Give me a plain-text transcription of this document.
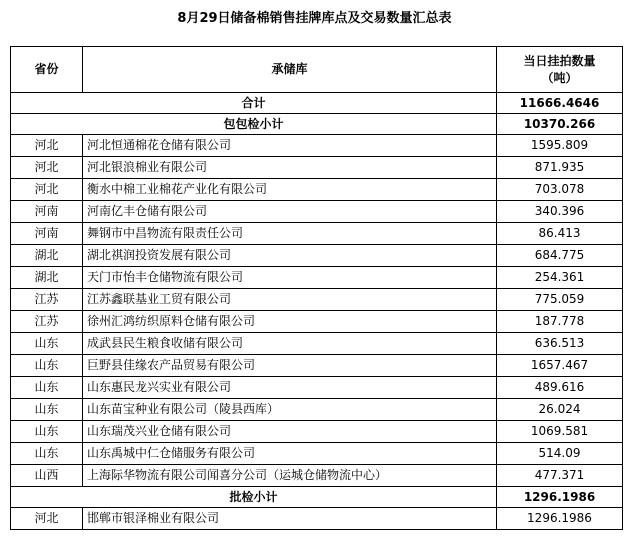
8月29日储备棉销售挂牌库点及交易数量汇总表
省份	承储库	当日挂拍数量
（吨）

合计		11666.4646
包包检小计		10370.266
河北	河北恒通棉花仓储有限公司	1595.809
河北	河北银浪棉业有限公司	871.935
河北	衡水中棉工业棉花产业化有限公司	703.078
河南	河南亿丰仓储有限公司	340.396
河南	舞钢市中昌物流有限责任公司	86.413
湖北	湖北祺润投资发展有限公司	684.775
湖北	天门市怡丰仓储物流有限公司	254.361
江苏	江苏鑫联基业工贸有限公司	775.059
江苏	徐州汇鸿纺织原料仓储有限公司	187.778
山东	成武县民生粮食收储有限公司	636.513
山东	巨野县佳缘农产品贸易有限公司	1657.467
山东	山东惠民龙兴实业有限公司	489.616
山东	山东苗宝种业有限公司（陵县西库）	26.024
山东	山东瑞茂兴业仓储有限公司	1069.581
山东	山东禹城中仁仓储服务有限公司	514.09
山西	上海际华物流有限公司闻喜分公司（运城仓储物流中心）	477.371
批检小计		1296.1986
河北	邯郸市银泽棉业有限公司	1296.1986
